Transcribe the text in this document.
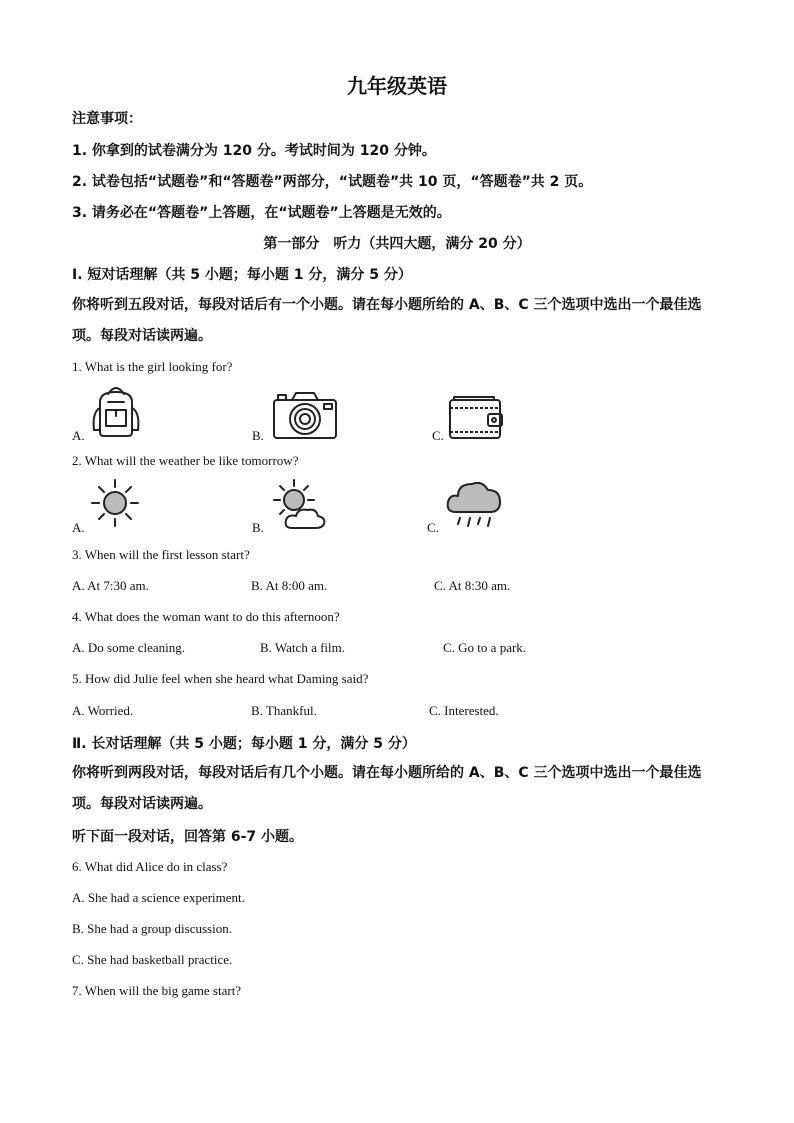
九年级英语
注意事项：
1. 你拿到的试卷满分为 120 分。考试时间为 120 分钟。
2. 试卷包括“试题卷”和“答题卷”两部分，“试题卷”共 10 页，“答题卷”共 2 页。
3. 请务必在“答题卷”上答题，在“试题卷”上答题是无效的。
第一部分　听力（共四大题，满分 20 分）
Ⅰ. 短对话理解（共 5 小题；每小题 1 分，满分 5 分）
你将听到五段对话，每段对话后有一个小题。请在每小题所给的 A、B、C 三个选项中选出一个最佳选项。每段对话读两遍。
1. What is the girl looking for?
A.	B.	C.
2. What will the weather be like tomorrow?
A.	B.	C.
3. When will the first lesson start?
A. At 7:30 am.	B. At 8:00 am.	C. At 8:30 am.
4. What does the woman want to do this afternoon?
A. Do some cleaning.	B. Watch a film.	C. Go to a park.
5. How did Julie feel when she heard what Daming said?
A. Worried.	B. Thankful.	C. Interested.
Ⅱ. 长对话理解（共 5 小题；每小题 1 分，满分 5 分）
你将听到两段对话，每段对话后有几个小题。请在每小题所给的 A、B、C 三个选项中选出一个最佳选项。每段对话读两遍。
听下面一段对话，回答第 6-7 小题。
6. What did Alice do in class?
A. She had a science experiment.
B. She had a group discussion.
C. She had basketball practice.
7. When will the big game start?
